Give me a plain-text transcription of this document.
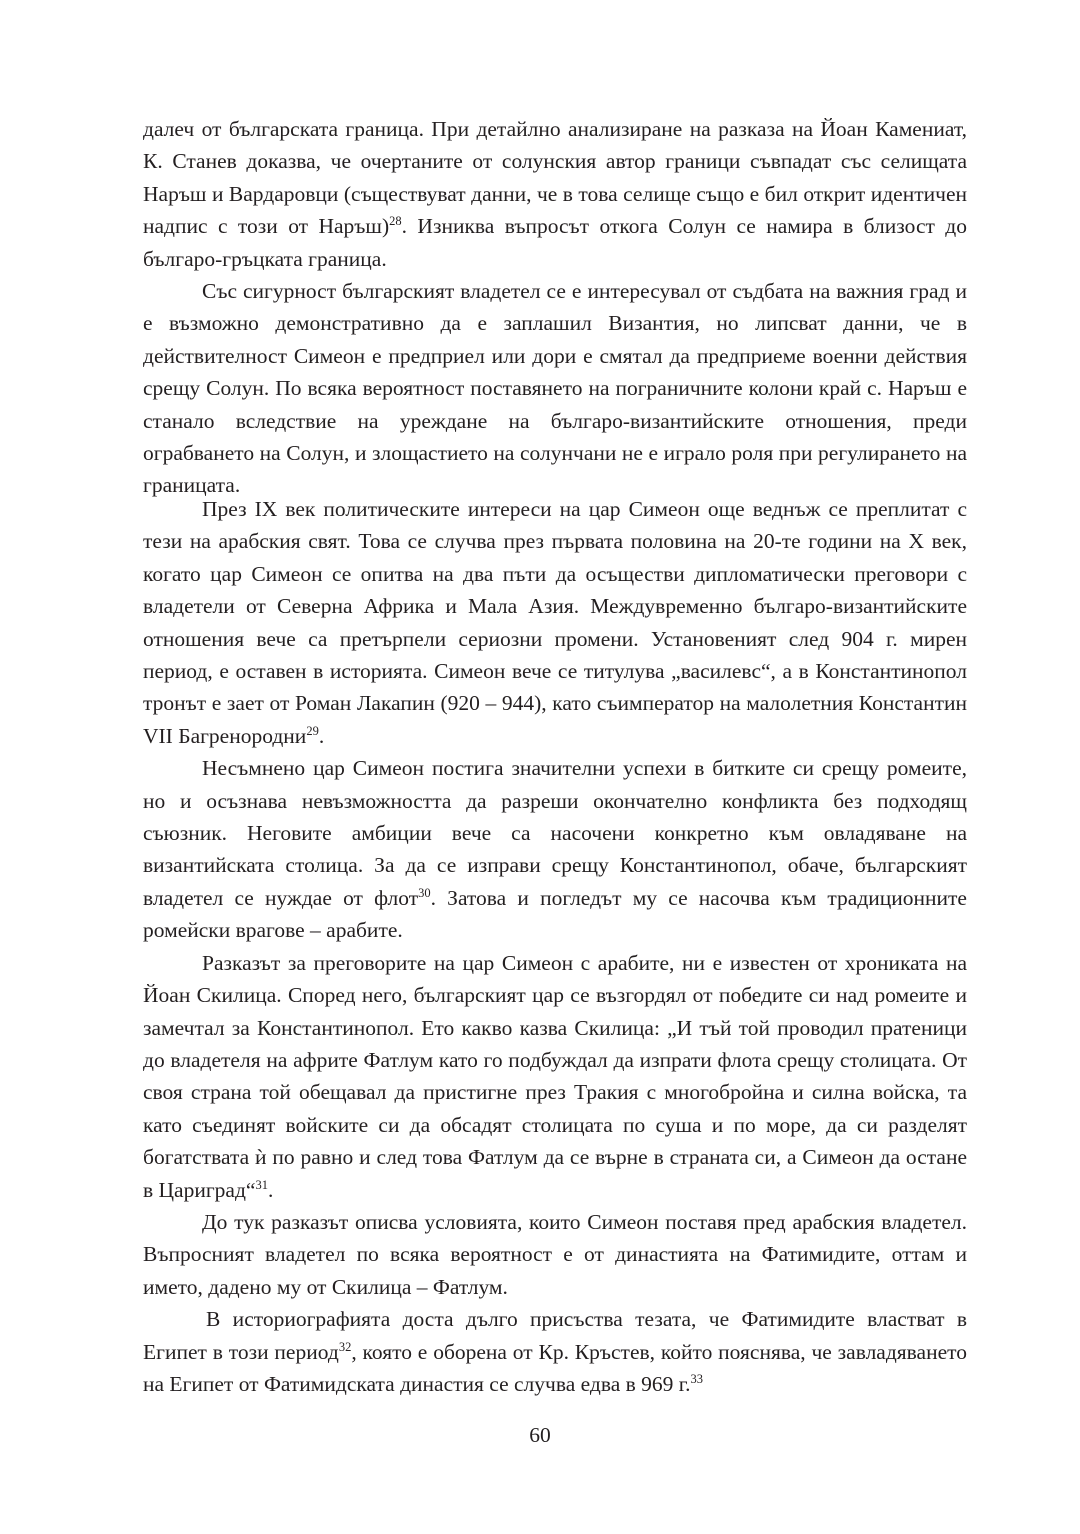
далеч от българската граница. При детайлно анализиране на разказа на Йоан Камениат, К. Станев доказва, че очертаните от солунския автор граници съвпадат със селищата Наръш и Вардаровци (съществуват данни, че в това селище също е бил открит идентичен надпис с този от Наръш)$^{28}$. Изниква въпросът откога Солун се намира в близост до българо-гръцката граница.

Със сигурност българският владетел се е интересувал от съдбата на важния град и е възможно демонстративно да е заплашил Византия, но липсват данни, че в действителност Симеон е предприел или дори е смятал да предприеме военни действия срещу Солун. По всяка вероятност поставянето на пограничните колони край с. Наръш е станало вследствие на уреждане на българо-византийските отношения, преди ограбването на Солун, и злощастието на солунчани не е играло роля при регулирането на границата.

През IX век политическите интереси на цар Симеон още веднъж се преплитат с тези на арабския свят. Това се случва през първата половина на 20-те години на X век, когато цар Симеон се опитва на два пъти да осъществи дипломатически преговори с владетели от Северна Африка и Мала Азия. Междувременно българо-византийските отношения вече са претърпели сериозни промени. Установеният след 904 г. мирен период, е оставен в историята. Симеон вече се титулува „василевс“, а в Константинопол тронът е зает от Роман Лакапин (920 – 944), като съимператор на малолетния Константин VII Багренородни$^{29}$.

Несъмнено цар Симеон постига значителни успехи в битките си срещу ромеите, но и осъзнава невъзможността да разреши окончателно конфликта без подходящ съюзник. Неговите амбиции вече са насочени конкретно към овладяване на византийската столица. За да се изправи срещу Константинопол, обаче, българският владетел се нуждае от флот$^{30}$. Затова и погледът му се насочва към традиционните ромейски врагове – арабите.

Разказът за преговорите на цар Симеон с арабите, ни е известен от хрониката на Йоан Скилица. Според него, българският цар се възгордял от победите си над ромеите и замечтал за Константинопол. Ето какво казва Скилица: „И тъй той проводил пратеници до владетеля на африте Фатлум като го подбуждал да изпрати флота срещу столицата. От своя страна той обещавал да пристигне през Тракия с многобройна и силна войска, та като съединят войските си да обсадят столицата по суша и по море, да си разделят богатствата ѝ по равно и след това Фатлум да се върне в страната си, а Симеон да остане в Цариград“$^{31}$.

До тук разказът описва условията, които Симеон поставя пред арабския владетел. Въпросният владетел по всяка вероятност е от династията на Фатимидите, оттам и името, дадено му от Скилица – Фатлум.

В историографията доста дълго присъства тезата, че Фатимидите властват в Египет в този период$^{32}$, която е оборена от Кр. Кръстев, който пояснява, че завладяването на Египет от Фатимидската династия се случва едва в 969 г.$^{33}$

60
